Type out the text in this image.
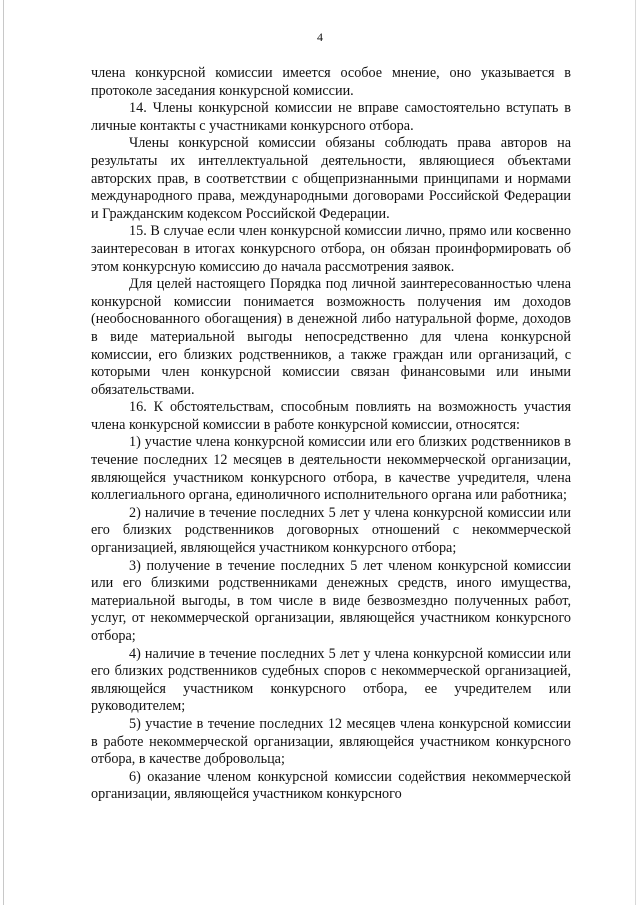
4

члена конкурсной комиссии имеется особое мнение, оно указывается в протоколе заседания конкурсной комиссии.

14. Члены конкурсной комиссии не вправе самостоятельно вступать в личные контакты с участниками конкурсного отбора.

Члены конкурсной комиссии обязаны соблюдать права авторов на результаты их интеллектуальной деятельности, являющиеся объектами авторских прав, в соответствии с общепризнанными принципами и нормами международного права, международными договорами Российской Федерации и Гражданским кодексом Российской Федерации.

15. В случае если член конкурсной комиссии лично, прямо или косвенно заинтересован в итогах конкурсного отбора, он обязан проинформировать об этом конкурсную комиссию до начала рассмотрения заявок.

Для целей настоящего Порядка под личной заинтересованностью члена конкурсной комиссии понимается возможность получения им доходов (необоснованного обогащения) в денежной либо натуральной форме, доходов в виде материальной выгоды непосредственно для члена конкурсной комиссии, его близких родственников, а также граждан или организаций, с которыми член конкурсной комиссии связан финансовыми или иными обязательствами.

16. К обстоятельствам, способным повлиять на возможность участия члена конкурсной комиссии в работе конкурсной комиссии, относятся:

1) участие члена конкурсной комиссии или его близких родственников в течение последних 12 месяцев в деятельности некоммерческой организации, являющейся участником конкурсного отбора, в качестве учредителя, члена коллегиального органа, единоличного исполнительного органа или работника;

2) наличие в течение последних 5 лет у члена конкурсной комиссии или его близких родственников договорных отношений с некоммерческой организацией, являющейся участником конкурсного отбора;

3) получение в течение последних 5 лет членом конкурсной комиссии или его близкими родственниками денежных средств, иного имущества, материальной выгоды, в том числе в виде безвозмездно полученных работ, услуг, от некоммерческой организации, являющейся участником конкурсного отбора;

4) наличие в течение последних 5 лет у члена конкурсной комиссии или его близких родственников судебных споров с некоммерческой организацией, являющейся участником конкурсного отбора, ее учредителем или руководителем;

5) участие в течение последних 12 месяцев члена конкурсной комиссии в работе некоммерческой организации, являющейся участником конкурсного отбора, в качестве добровольца;

6) оказание членом конкурсной комиссии содействия некоммерческой организации, являющейся участником конкурсного
